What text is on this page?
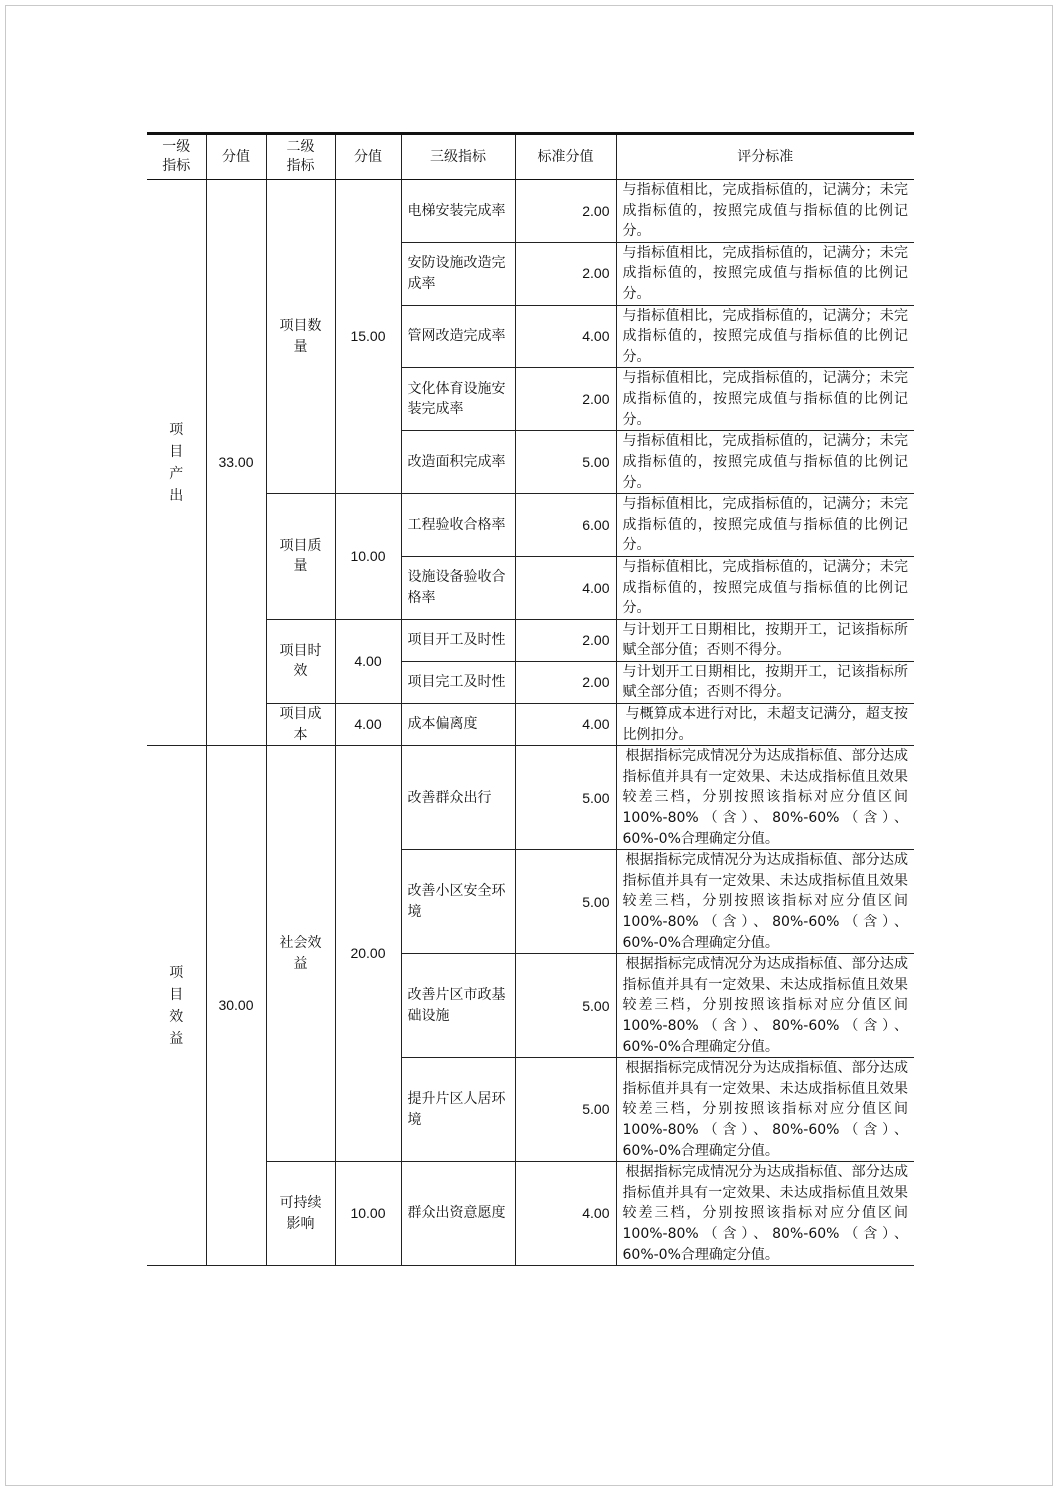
一级指标	分值	二级指标	分值	三级指标	标准分值	评分标准
项目产出	33.00	项目数量	15.00	电梯安装完成率	2.00	与指标值相比，完成指标值的，记满分；未完成指标值的，按照完成值与指标值的比例记分。
				安防设施改造完成率	2.00	与指标值相比，完成指标值的，记满分；未完成指标值的，按照完成值与指标值的比例记分。
				管网改造完成率	4.00	与指标值相比，完成指标值的，记满分；未完成指标值的，按照完成值与指标值的比例记分。
				文化体育设施安装完成率	2.00	与指标值相比，完成指标值的，记满分；未完成指标值的，按照完成值与指标值的比例记分。
				改造面积完成率	5.00	与指标值相比，完成指标值的，记满分；未完成指标值的，按照完成值与指标值的比例记分。
		项目质量	10.00	工程验收合格率	6.00	与指标值相比，完成指标值的，记满分；未完成指标值的，按照完成值与指标值的比例记分。
				设施设备验收合格率	4.00	与指标值相比，完成指标值的，记满分；未完成指标值的，按照完成值与指标值的比例记分。
		项目时效	4.00	项目开工及时性	2.00	与计划开工日期相比，按期开工，记该指标所赋全部分值；否则不得分。
				项目完工及时性	2.00	与计划开工日期相比，按期开工，记该指标所赋全部分值；否则不得分。
		项目成本	4.00	成本偏离度	4.00	与概算成本进行对比，未超支记满分，超支按比例扣分。
项目效益	30.00	社会效益	20.00	改善群众出行	5.00	根据指标完成情况分为达成指标值、部分达成指标值并具有一定效果、未达成指标值且效果较差三档，分别按照该指标对应分值区间 100%-80%（含）、80%-60%（含）、60%-0%合理确定分值。
				改善小区安全环境	5.00	根据指标完成情况分为达成指标值、部分达成指标值并具有一定效果、未达成指标值且效果较差三档，分别按照该指标对应分值区间 100%-80%（含）、80%-60%（含）、60%-0%合理确定分值。
				改善片区市政基础设施	5.00	根据指标完成情况分为达成指标值、部分达成指标值并具有一定效果、未达成指标值且效果较差三档，分别按照该指标对应分值区间 100%-80%（含）、80%-60%（含）、60%-0%合理确定分值。
				提升片区人居环境	5.00	根据指标完成情况分为达成指标值、部分达成指标值并具有一定效果、未达成指标值且效果较差三档，分别按照该指标对应分值区间 100%-80%（含）、80%-60%（含）、60%-0%合理确定分值。
		可持续影响	10.00	群众出资意愿度	4.00	根据指标完成情况分为达成指标值、部分达成指标值并具有一定效果、未达成指标值且效果较差三档，分别按照该指标对应分值区间 100%-80%（含）、80%-60%（含）、60%-0%合理确定分值。
